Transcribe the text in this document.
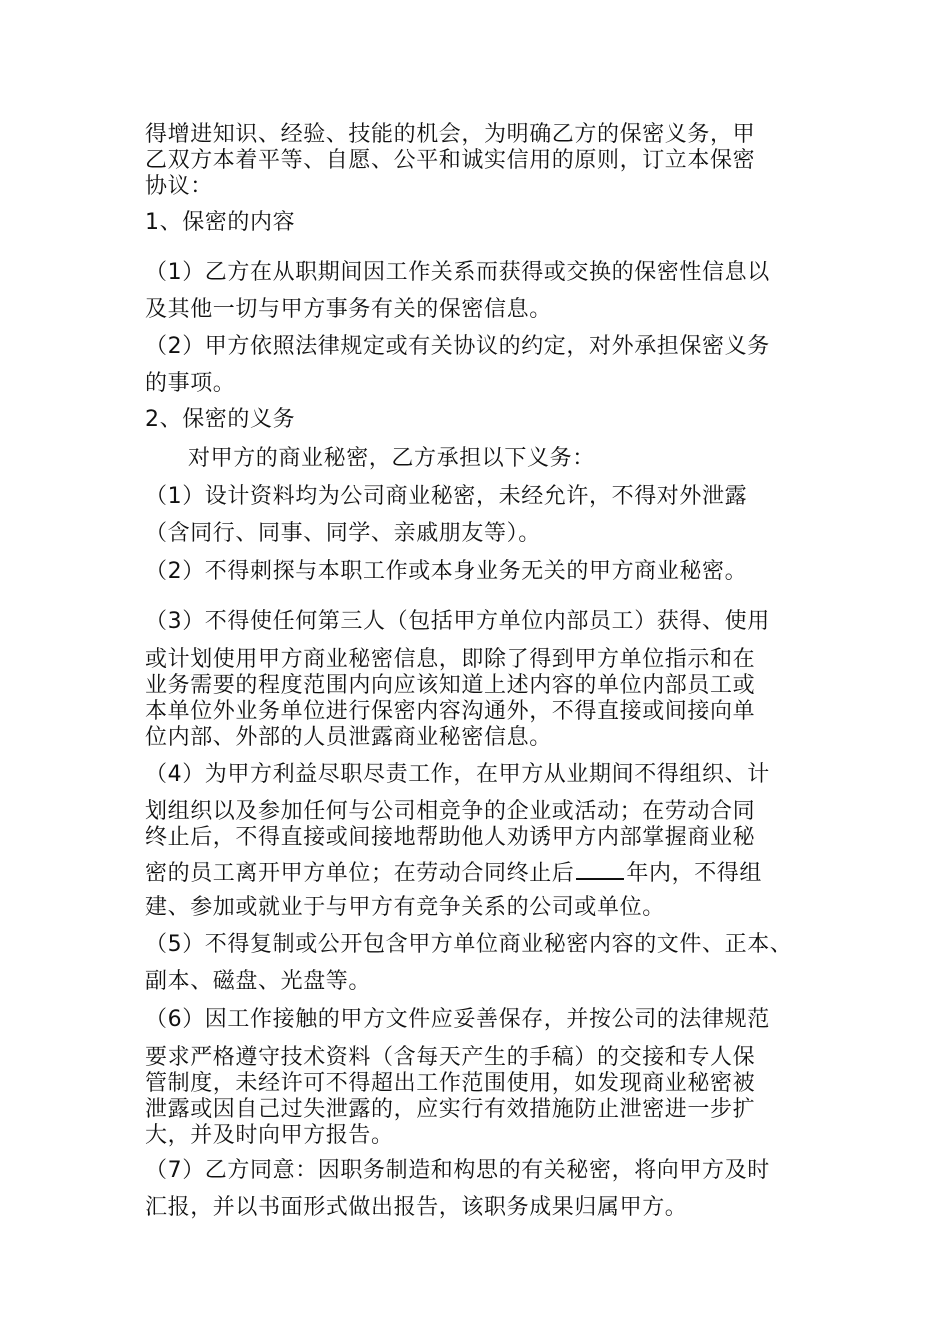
得增进知识、经验、技能的机会，为明确乙方的保密义务，甲
乙双方本着平等、自愿、公平和诚实信用的原则，订立本保密
协议：
1、保密的内容
（1）乙方在从职期间因工作关系而获得或交换的保密性信息以
及其他一切与甲方事务有关的保密信息。
（2）甲方依照法律规定或有关协议的约定，对外承担保密义务
的事项。
2、保密的义务
对甲方的商业秘密，乙方承担以下义务：
（1）设计资料均为公司商业秘密，未经允许，不得对外泄露
（含同行、同事、同学、亲戚朋友等）。
（2）不得刺探与本职工作或本身业务无关的甲方商业秘密。
（3）不得使任何第三人（包括甲方单位内部员工）获得、使用
或计划使用甲方商业秘密信息，即除了得到甲方单位指示和在
业务需要的程度范围内向应该知道上述内容的单位内部员工或
本单位外业务单位进行保密内容沟通外，不得直接或间接向单
位内部、外部的人员泄露商业秘密信息。
（4）为甲方利益尽职尽责工作，在甲方从业期间不得组织、计
划组织以及参加任何与公司相竞争的企业或活动；在劳动合同
终止后，不得直接或间接地帮助他人劝诱甲方内部掌握商业秘
密的员工离开甲方单位；在劳动合同终止后 年内，不得组
建、参加或就业于与甲方有竞争关系的公司或单位。
（5）不得复制或公开包含甲方单位商业秘密内容的文件、正本、
副本、磁盘、光盘等。
（6）因工作接触的甲方文件应妥善保存，并按公司的法律规范
要求严格遵守技术资料（含每天产生的手稿）的交接和专人保
管制度，未经许可不得超出工作范围使用，如发现商业秘密被
泄露或因自己过失泄露的，应实行有效措施防止泄密进一步扩
大，并及时向甲方报告。
（7）乙方同意：因职务制造和构思的有关秘密，将向甲方及时
汇报，并以书面形式做出报告，该职务成果归属甲方。
